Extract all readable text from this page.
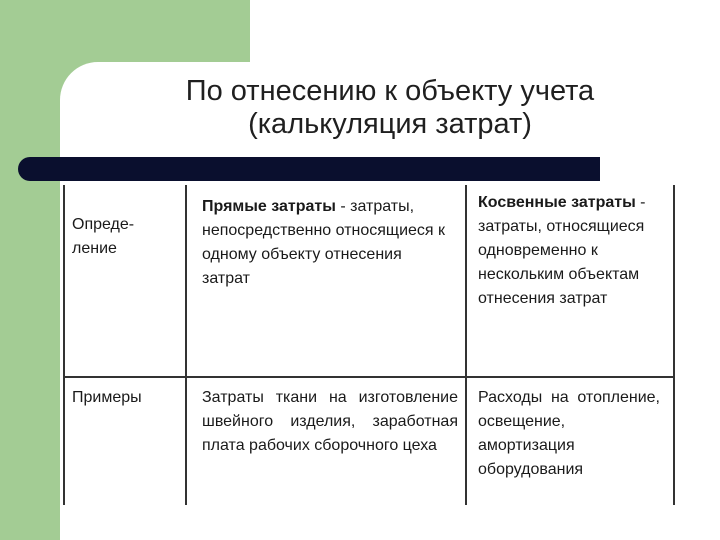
По отнесению к объекту учета
(калькуляция затрат)
Опреде-
ление
Прямые затраты - затраты, непосредственно относящиеся к одному объекту отнесения затрат
Косвенные затраты - затраты, относящиеся одновременно к нескольким объектам отнесения затрат
Примеры	Затраты ткани на изготовление швейного изделия, заработная плата рабочих сборочного цеха
Расходы на отопление, освещение, амортизация оборудования
